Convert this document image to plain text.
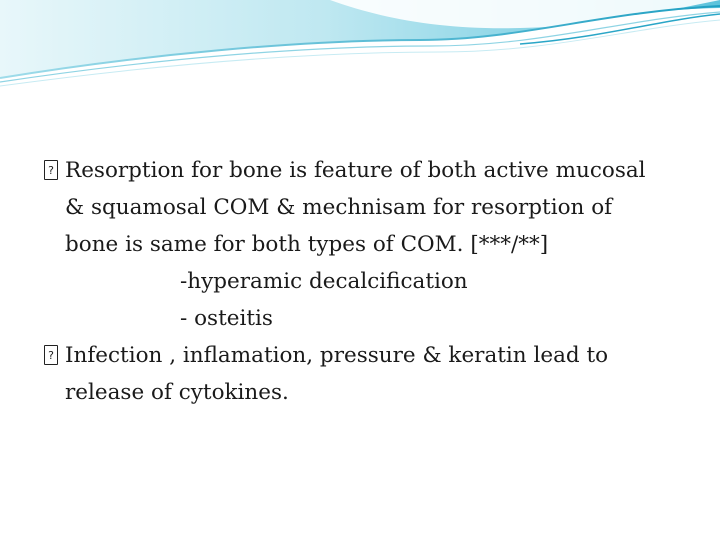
? Resorption for bone is feature of both active mucosal
& squamosal COM & mechnisam for resorption of
bone is same for both types of COM. [***/**]
-hyperamic decalcification
- osteitis
? Infection , inflamation, pressure & keratin lead to
release of cytokines.
